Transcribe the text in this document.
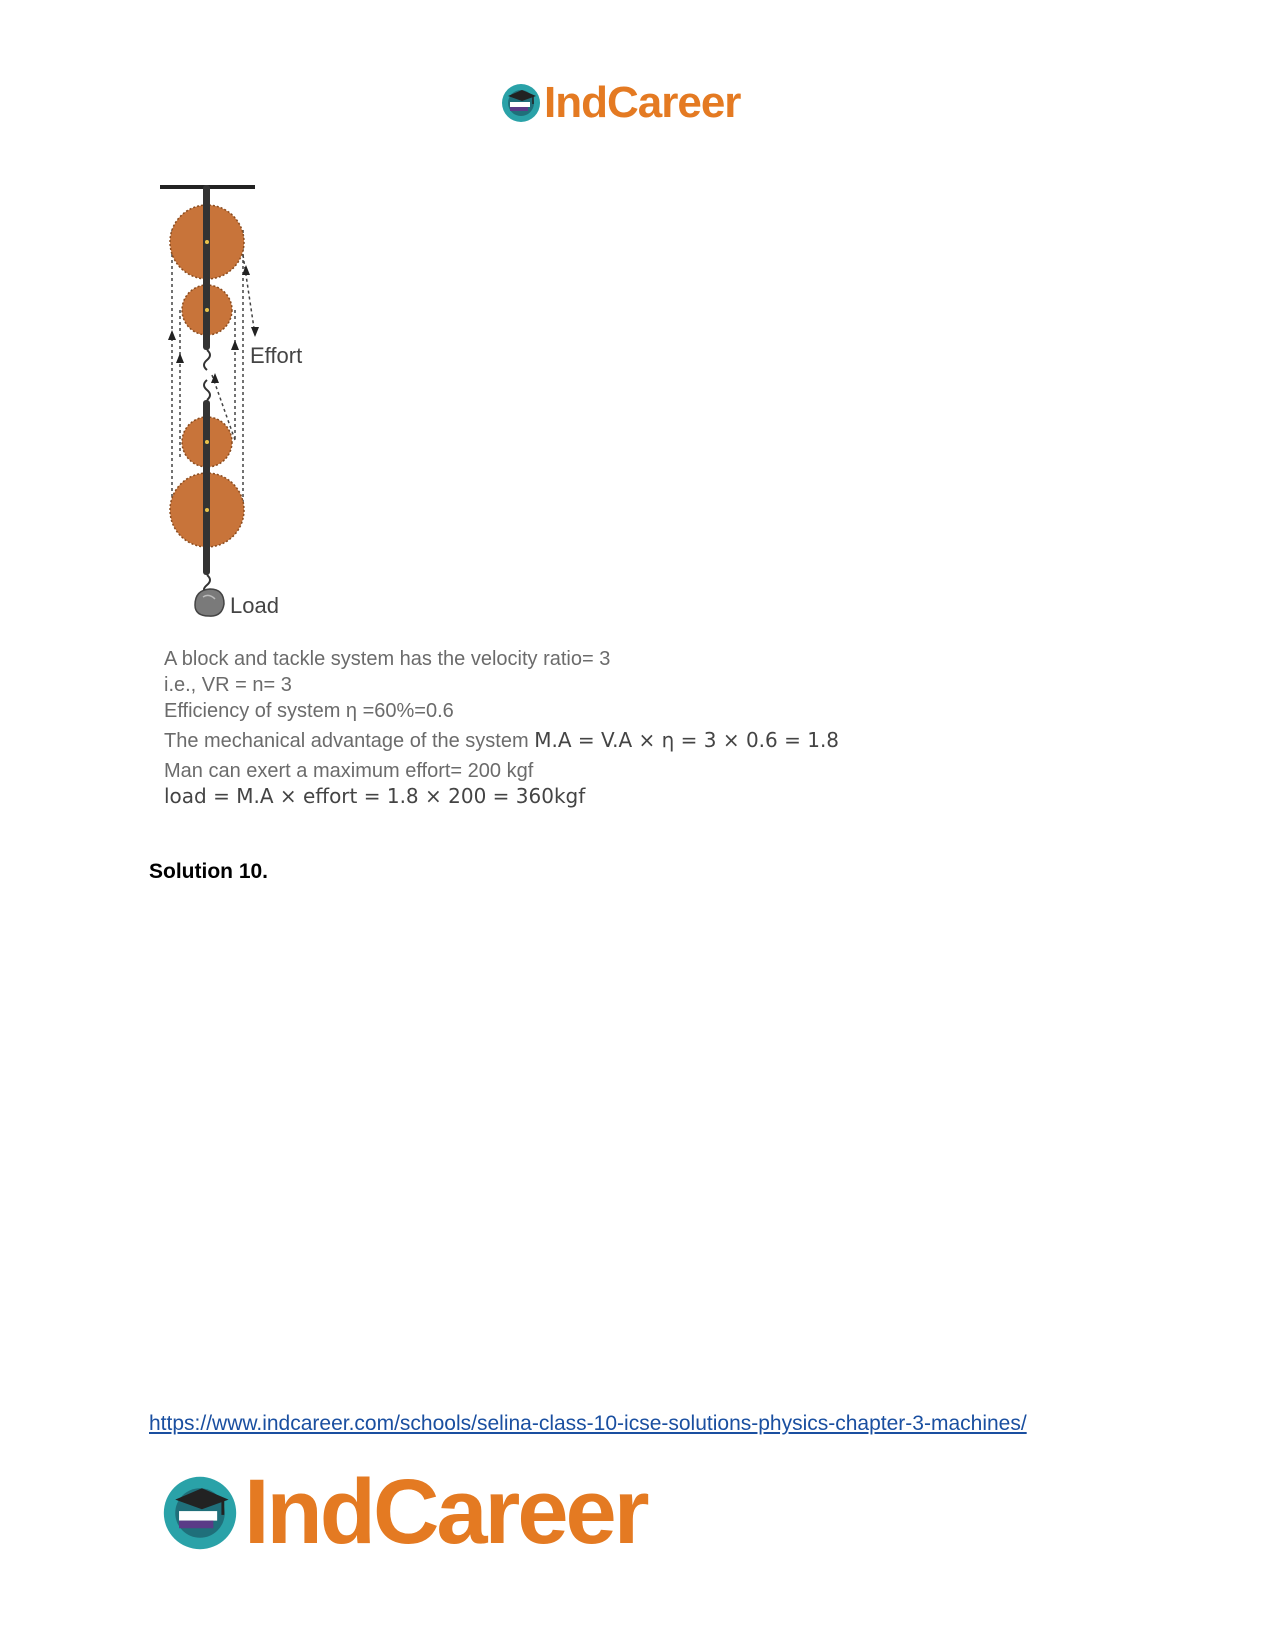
IndCareer
Effort
Load
A block and tackle system has the velocity ratio= 3
i.e., VR = n= 3
Efficiency of system η =60%=0.6
The mechanical advantage of the system M.A = V.A × η = 3 × 0.6 = 1.8
Man can exert a maximum effort= 200 kgf
load = M.A × effort = 1.8 × 200 = 360kgf
Solution 10.
https://www.indcareer.com/schools/selina-class-10-icse-solutions-physics-chapter-3-machines/
IndCareer
